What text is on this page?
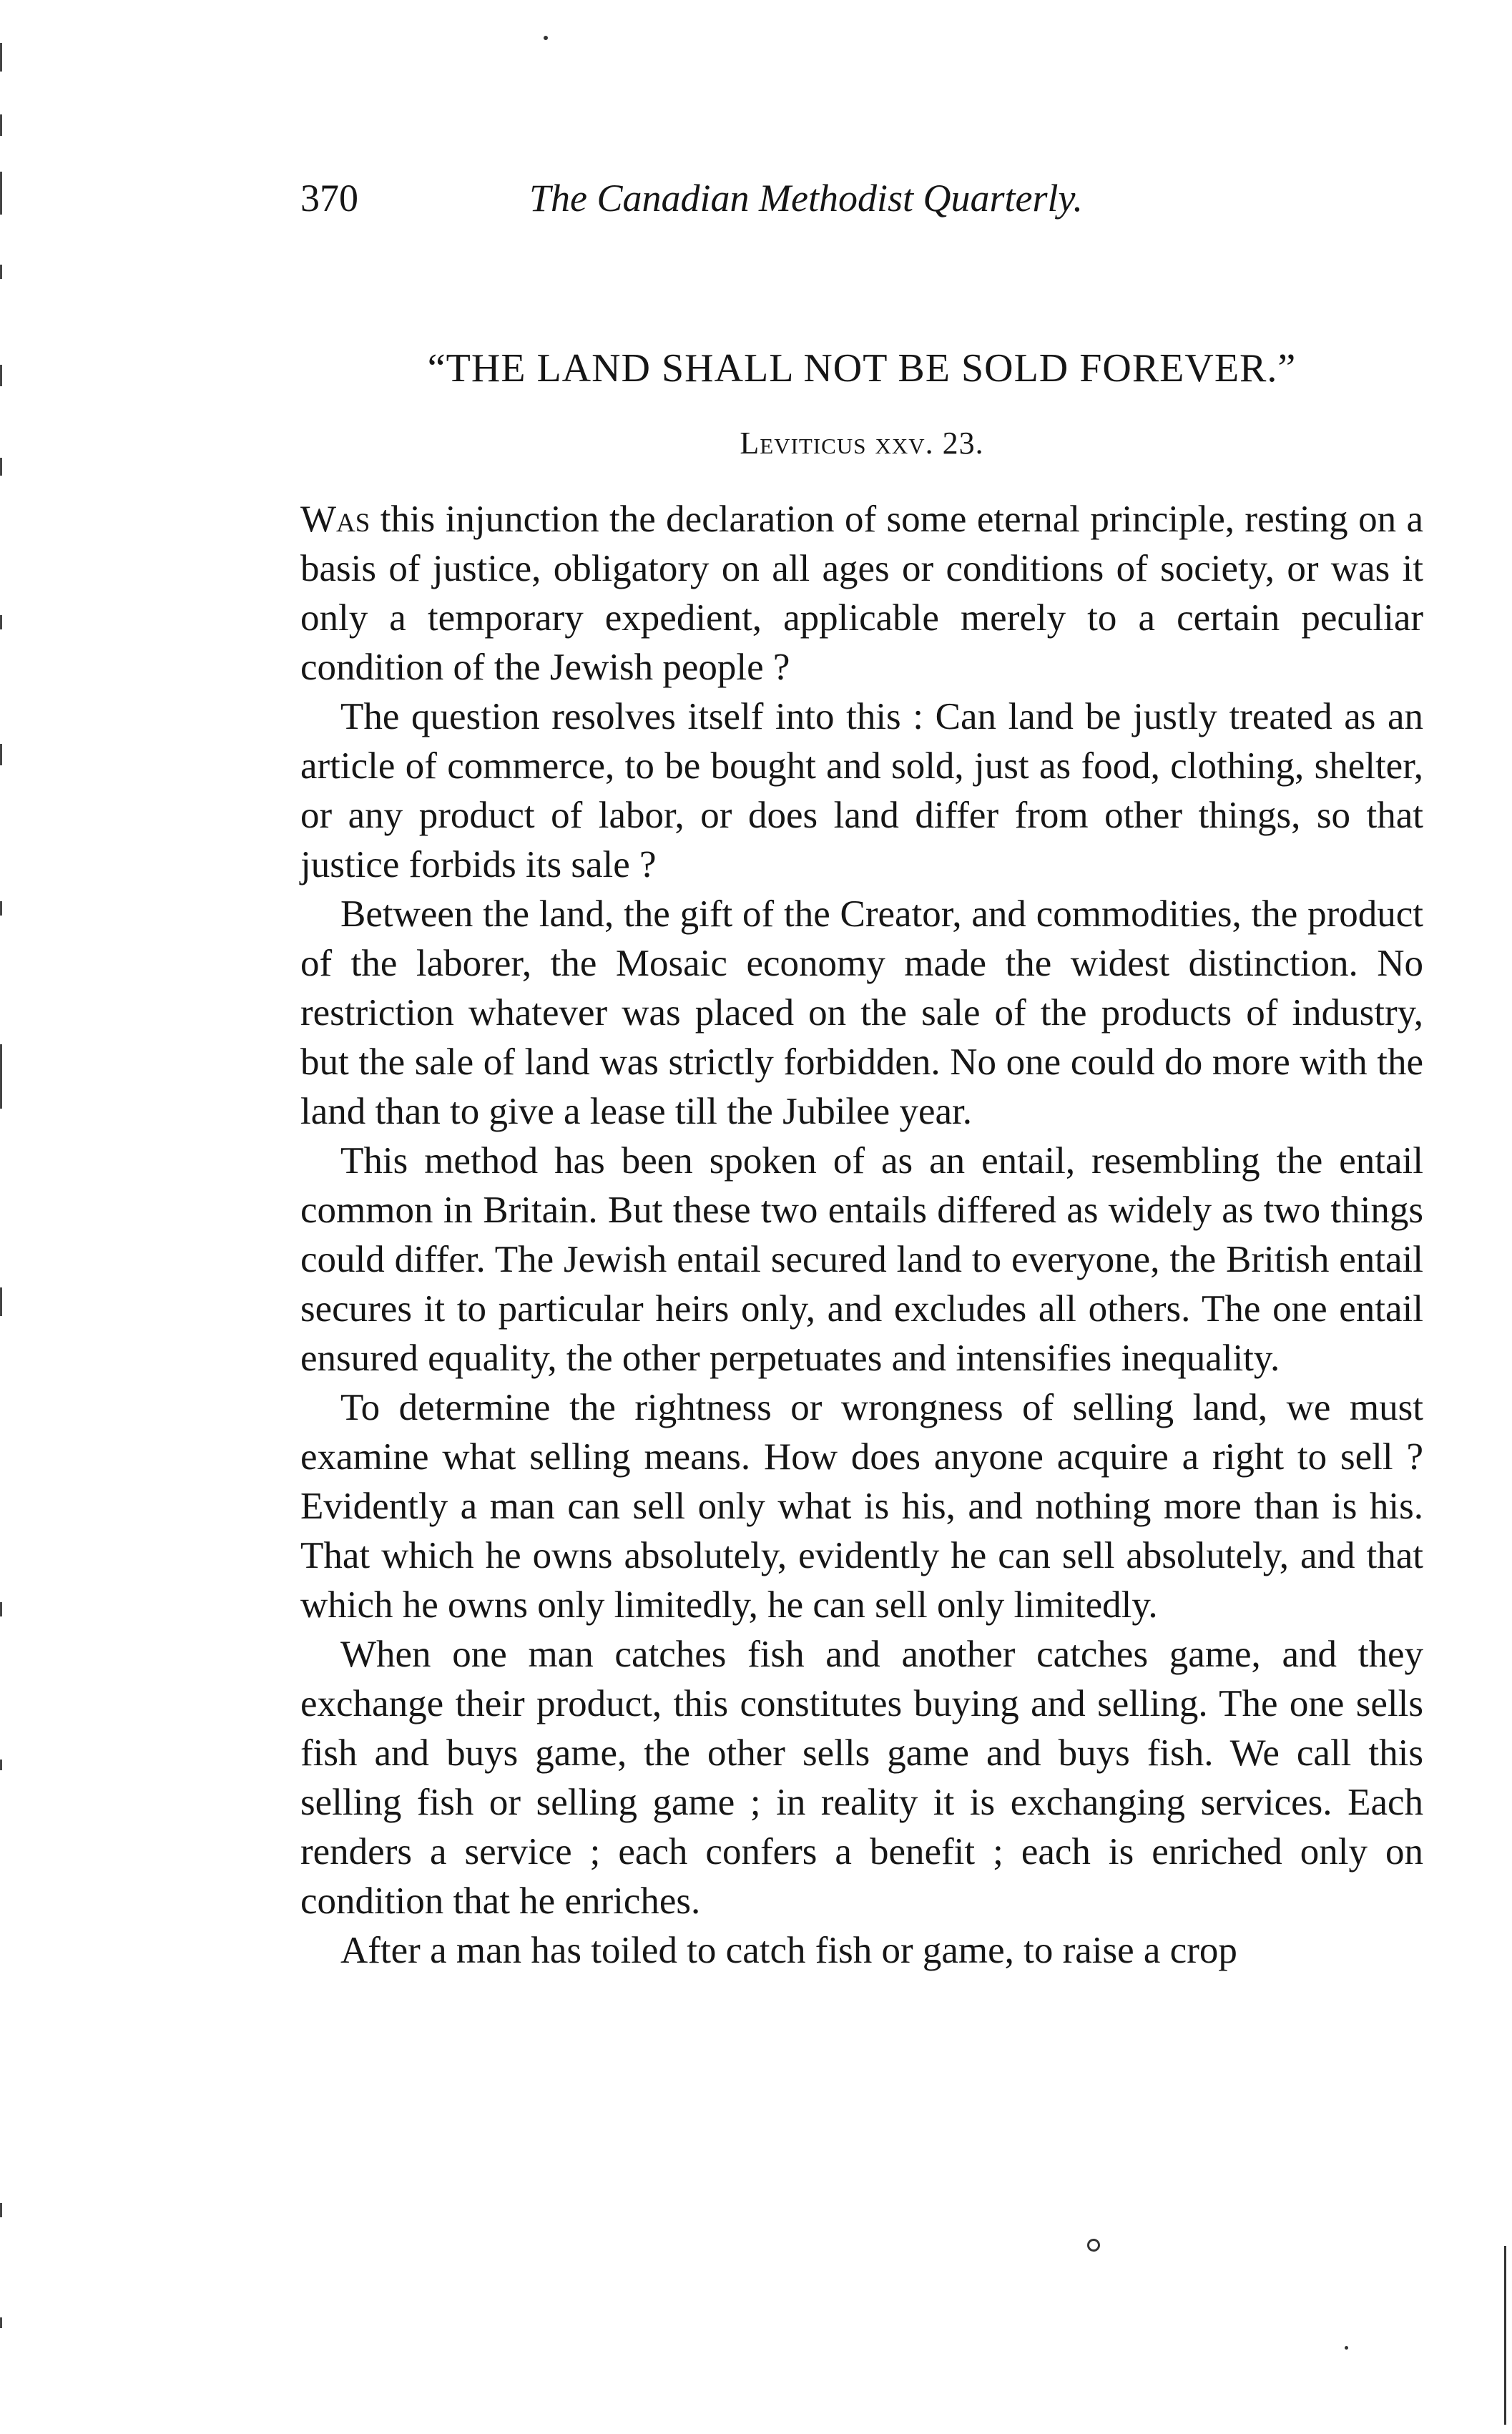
370	The Canadian Methodist Quarterly.
“THE LAND SHALL NOT BE SOLD FOREVER.”
Leviticus xxv. 23.

Was this injunction the declaration of some eternal principle, resting on a basis of justice, obligatory on all ages or conditions of society, or was it only a temporary expedient, applicable merely to a certain peculiar condition of the Jewish people ?

The question resolves itself into this : Can land be justly treated as an article of commerce, to be bought and sold, just as food, clothing, shelter, or any product of labor, or does land differ from other things, so that justice forbids its sale ?

Between the land, the gift of the Creator, and commodities, the product of the laborer, the Mosaic economy made the widest distinction. No restriction whatever was placed on the sale of the products of industry, but the sale of land was strictly forbidden. No one could do more with the land than to give a lease till the Jubilee year.

This method has been spoken of as an entail, resembling the entail common in Britain. But these two entails differed as widely as two things could differ. The Jewish entail secured land to everyone, the British entail secures it to particular heirs only, and excludes all others. The one entail ensured equality, the other perpetuates and intensifies inequality.

To determine the rightness or wrongness of selling land, we must examine what selling means. How does anyone acquire a right to sell ? Evidently a man can sell only what is his, and nothing more than is his. That which he owns absolutely, evidently he can sell absolutely, and that which he owns only limitedly, he can sell only limitedly.

When one man catches fish and another catches game, and they exchange their product, this constitutes buying and selling. The one sells fish and buys game, the other sells game and buys fish. We call this selling fish or selling game ; in reality it is exchanging services. Each renders a service ; each confers a benefit ; each is enriched only on condition that he enriches.

After a man has toiled to catch fish or game, to raise a crop
